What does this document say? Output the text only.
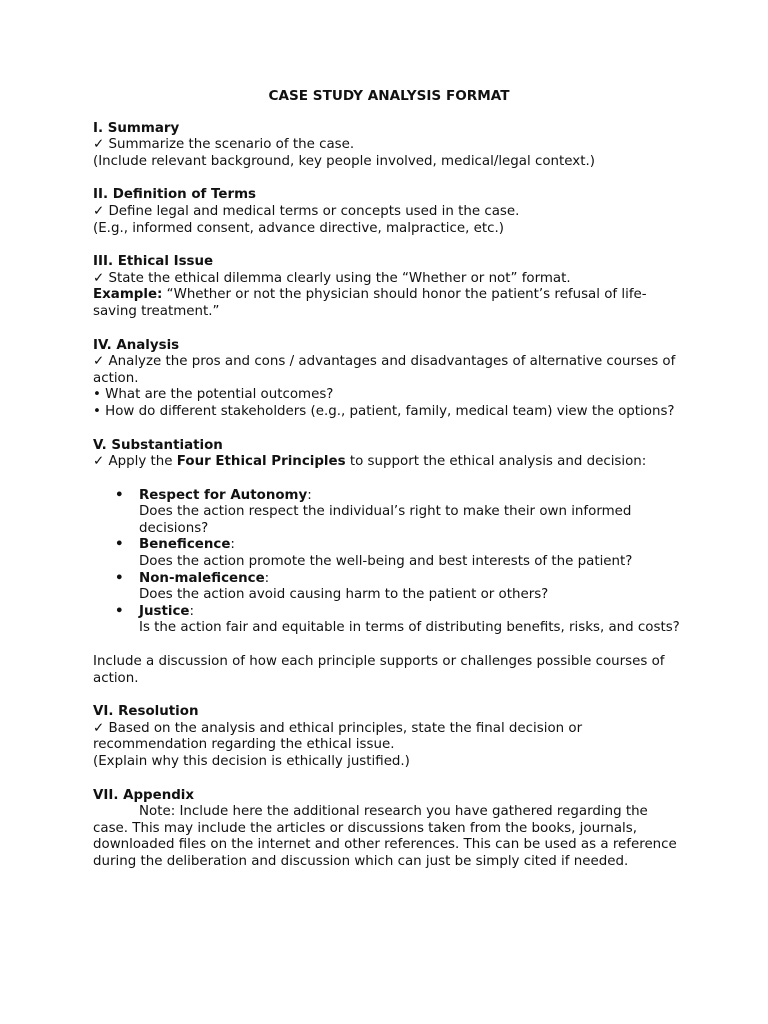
CASE STUDY ANALYSIS FORMAT

I. Summary

✓ Summarize the scenario of the case.

(Include relevant background, key people involved, medical/legal context.)

II. Definition of Terms

✓ Define legal and medical terms or concepts used in the case.

(E.g., informed consent, advance directive, malpractice, etc.)

III. Ethical Issue

✓ State the ethical dilemma clearly using the “Whether or not” format.

Example: “Whether or not the physician should honor the patient’s refusal of life-saving treatment.”

IV. Analysis

✓ Analyze the pros and cons / advantages and disadvantages of alternative courses of action.

• What are the potential outcomes?

• How do different stakeholders (e.g., patient, family, medical team) view the options?

V. Substantiation

✓ Apply the Four Ethical Principles to support the ethical analysis and decision:

• Respect for Autonomy:
Does the action respect the individual’s right to make their own informed decisions?
• Beneficence:
Does the action promote the well-being and best interests of the patient?
• Non-maleficence:
Does the action avoid causing harm to the patient or others?
• Justice:
Is the action fair and equitable in terms of distributing benefits, risks, and costs?

Include a discussion of how each principle supports or challenges possible courses of action.

VI. Resolution

✓ Based on the analysis and ethical principles, state the final decision or recommendation regarding the ethical issue.

(Explain why this decision is ethically justified.)

VII. Appendix

Note: Include here the additional research you have gathered regarding the case. This may include the articles or discussions taken from the books, journals, downloaded files on the internet and other references. This can be used as a reference during the deliberation and discussion which can just be simply cited if needed.
